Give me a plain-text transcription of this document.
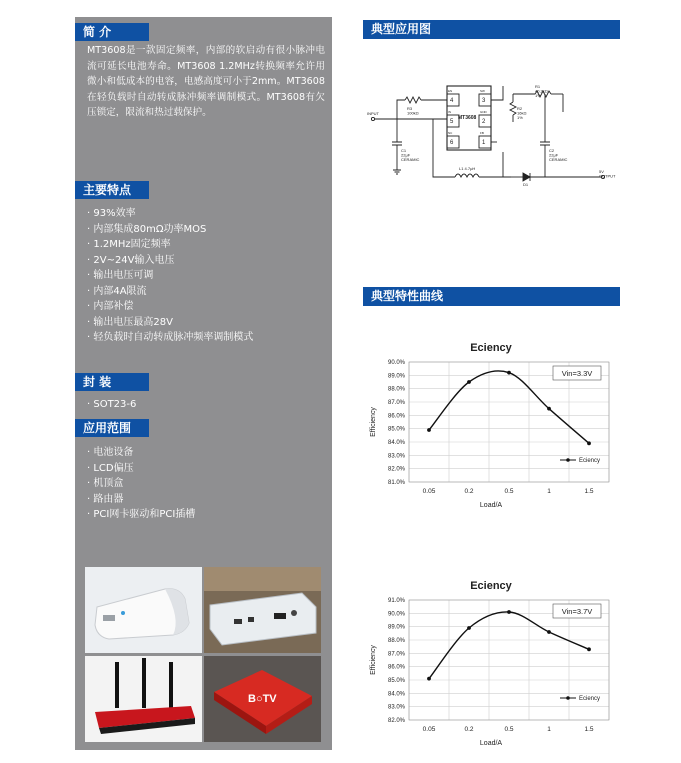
简 介
MT3608是一款固定频率，内部的软启动有很小脉冲电流可延长电池寿命。MT3608 1.2MHz转换频率允许用微小和低成本的电容，电感高度可小于2mm。MT3608在轻负载时自动转成脉冲频率调制模式。MT3608有欠压锁定，限流和热过载保护。
主要特点
· 93%效率
· 内部集成80mΩ功率MOS
· 1.2MHz固定频率
· 2V~24V输入电压
· 输出电压可调
· 内部4A限流
· 内部补偿
· 输出电压最高28V
· 轻负载时自动转成脉冲频率调制模式
封 装
· SOT23-6
应用范围
· 电池设备
· LCD偏压
· 机顶盒
· 路由器
· PCI网卡驱动和PCI插槽
B○TV
典型应用图
INPUT
MT3608
4
5
6
3
2
1
EN
IN
NC
SW
GND
FB
R3 100kΩ
R2 16kΩ 1%
R1 40.2kΩ 1%
C1 22μF CERAMIC
C2 22μF CERAMIC
L1 4.7μH
D1
5V OUTPUT
典型特性曲线
Eciency
81.0%
82.0%
83.0%
84.0%
85.0%
86.0%
87.0%
88.0%
89.0%
90.0%
0.05	0.2	0.5	1	1.5
Load/A
Efficiency
Vin=3.3V
Eciency
Eciency
82.0%
83.0%
84.0%
85.0%
86.0%
87.0%
88.0%
89.0%
90.0%
91.0%
0.05	0.2	0.5	1	1.5
Load/A
Efficiency
Vin=3.7V
Eciency
